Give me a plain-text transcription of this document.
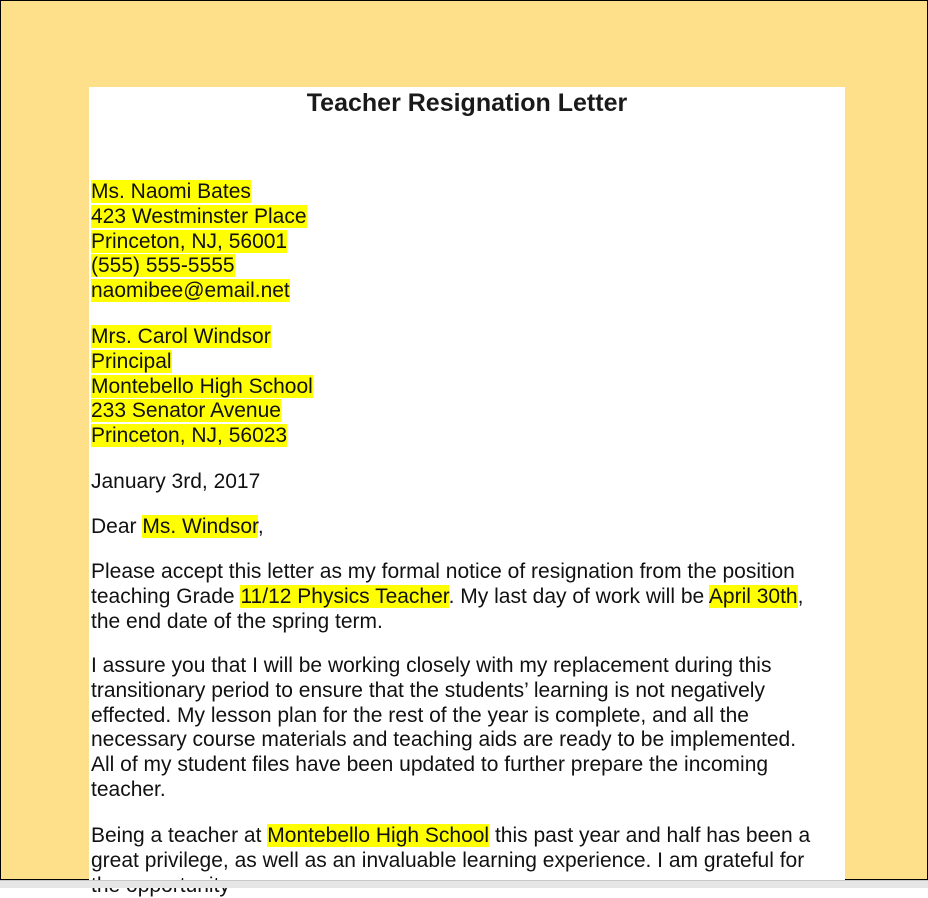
Teacher Resignation Letter
Ms. Naomi Bates
423 Westminster Place
Princeton, NJ, 56001
(555) 555-5555
naomibee@email.net
Mrs. Carol Windsor
Principal
Montebello High School
233 Senator Avenue
Princeton, NJ, 56023
January 3rd, 2017
Dear Ms. Windsor,
Please accept this letter as my formal notice of resignation from the position
teaching Grade 11/12 Physics Teacher. My last day of work will be April 30th,
the end date of the spring term.
I assure you that I will be working closely with my replacement during this
transitionary period to ensure that the students’ learning is not negatively
effected. My lesson plan for the rest of the year is complete, and all the
necessary course materials and teaching aids are ready to be implemented.
All of my student files have been updated to further prepare the incoming
teacher.
Being a teacher at Montebello High School this past year and half has been a
great privilege, as well as an invaluable learning experience. I am grateful for
